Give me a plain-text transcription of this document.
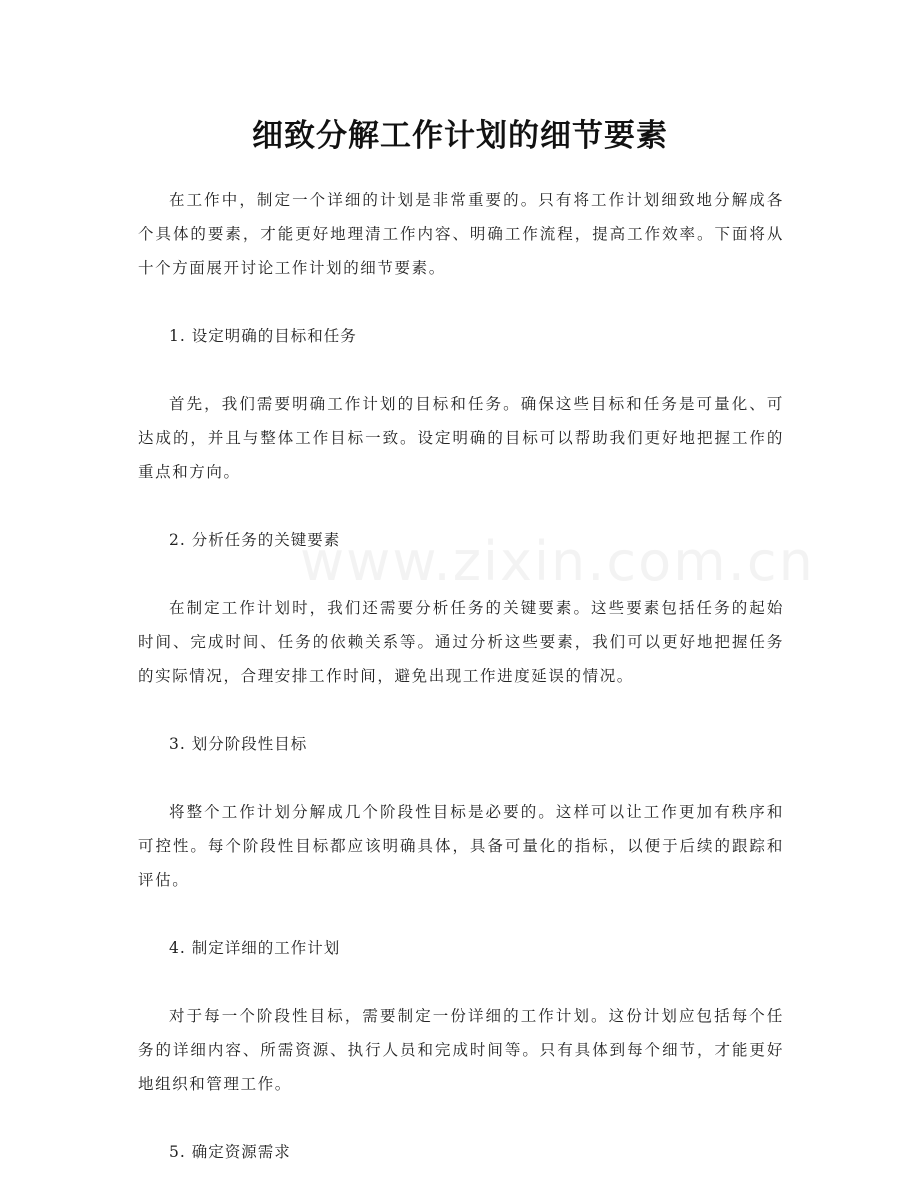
www.zixin.com.cn
细致分解工作计划的细节要素

在工作中，制定一个详细的计划是非常重要的。只有将工作计划细致地分解成各个具体的要素，才能更好地理清工作内容、明确工作流程，提高工作效率。下面将从十个方面展开讨论工作计划的细节要素。

1. 设定明确的目标和任务

首先，我们需要明确工作计划的目标和任务。确保这些目标和任务是可量化、可达成的，并且与整体工作目标一致。设定明确的目标可以帮助我们更好地把握工作的重点和方向。

2. 分析任务的关键要素

在制定工作计划时，我们还需要分析任务的关键要素。这些要素包括任务的起始时间、完成时间、任务的依赖关系等。通过分析这些要素，我们可以更好地把握任务的实际情况，合理安排工作时间，避免出现工作进度延误的情况。

3. 划分阶段性目标

将整个工作计划分解成几个阶段性目标是必要的。这样可以让工作更加有秩序和可控性。每个阶段性目标都应该明确具体，具备可量化的指标，以便于后续的跟踪和评估。

4. 制定详细的工作计划

对于每一个阶段性目标，需要制定一份详细的工作计划。这份计划应包括每个任务的详细内容、所需资源、执行人员和完成时间等。只有具体到每个细节，才能更好地组织和管理工作。

5. 确定资源需求
